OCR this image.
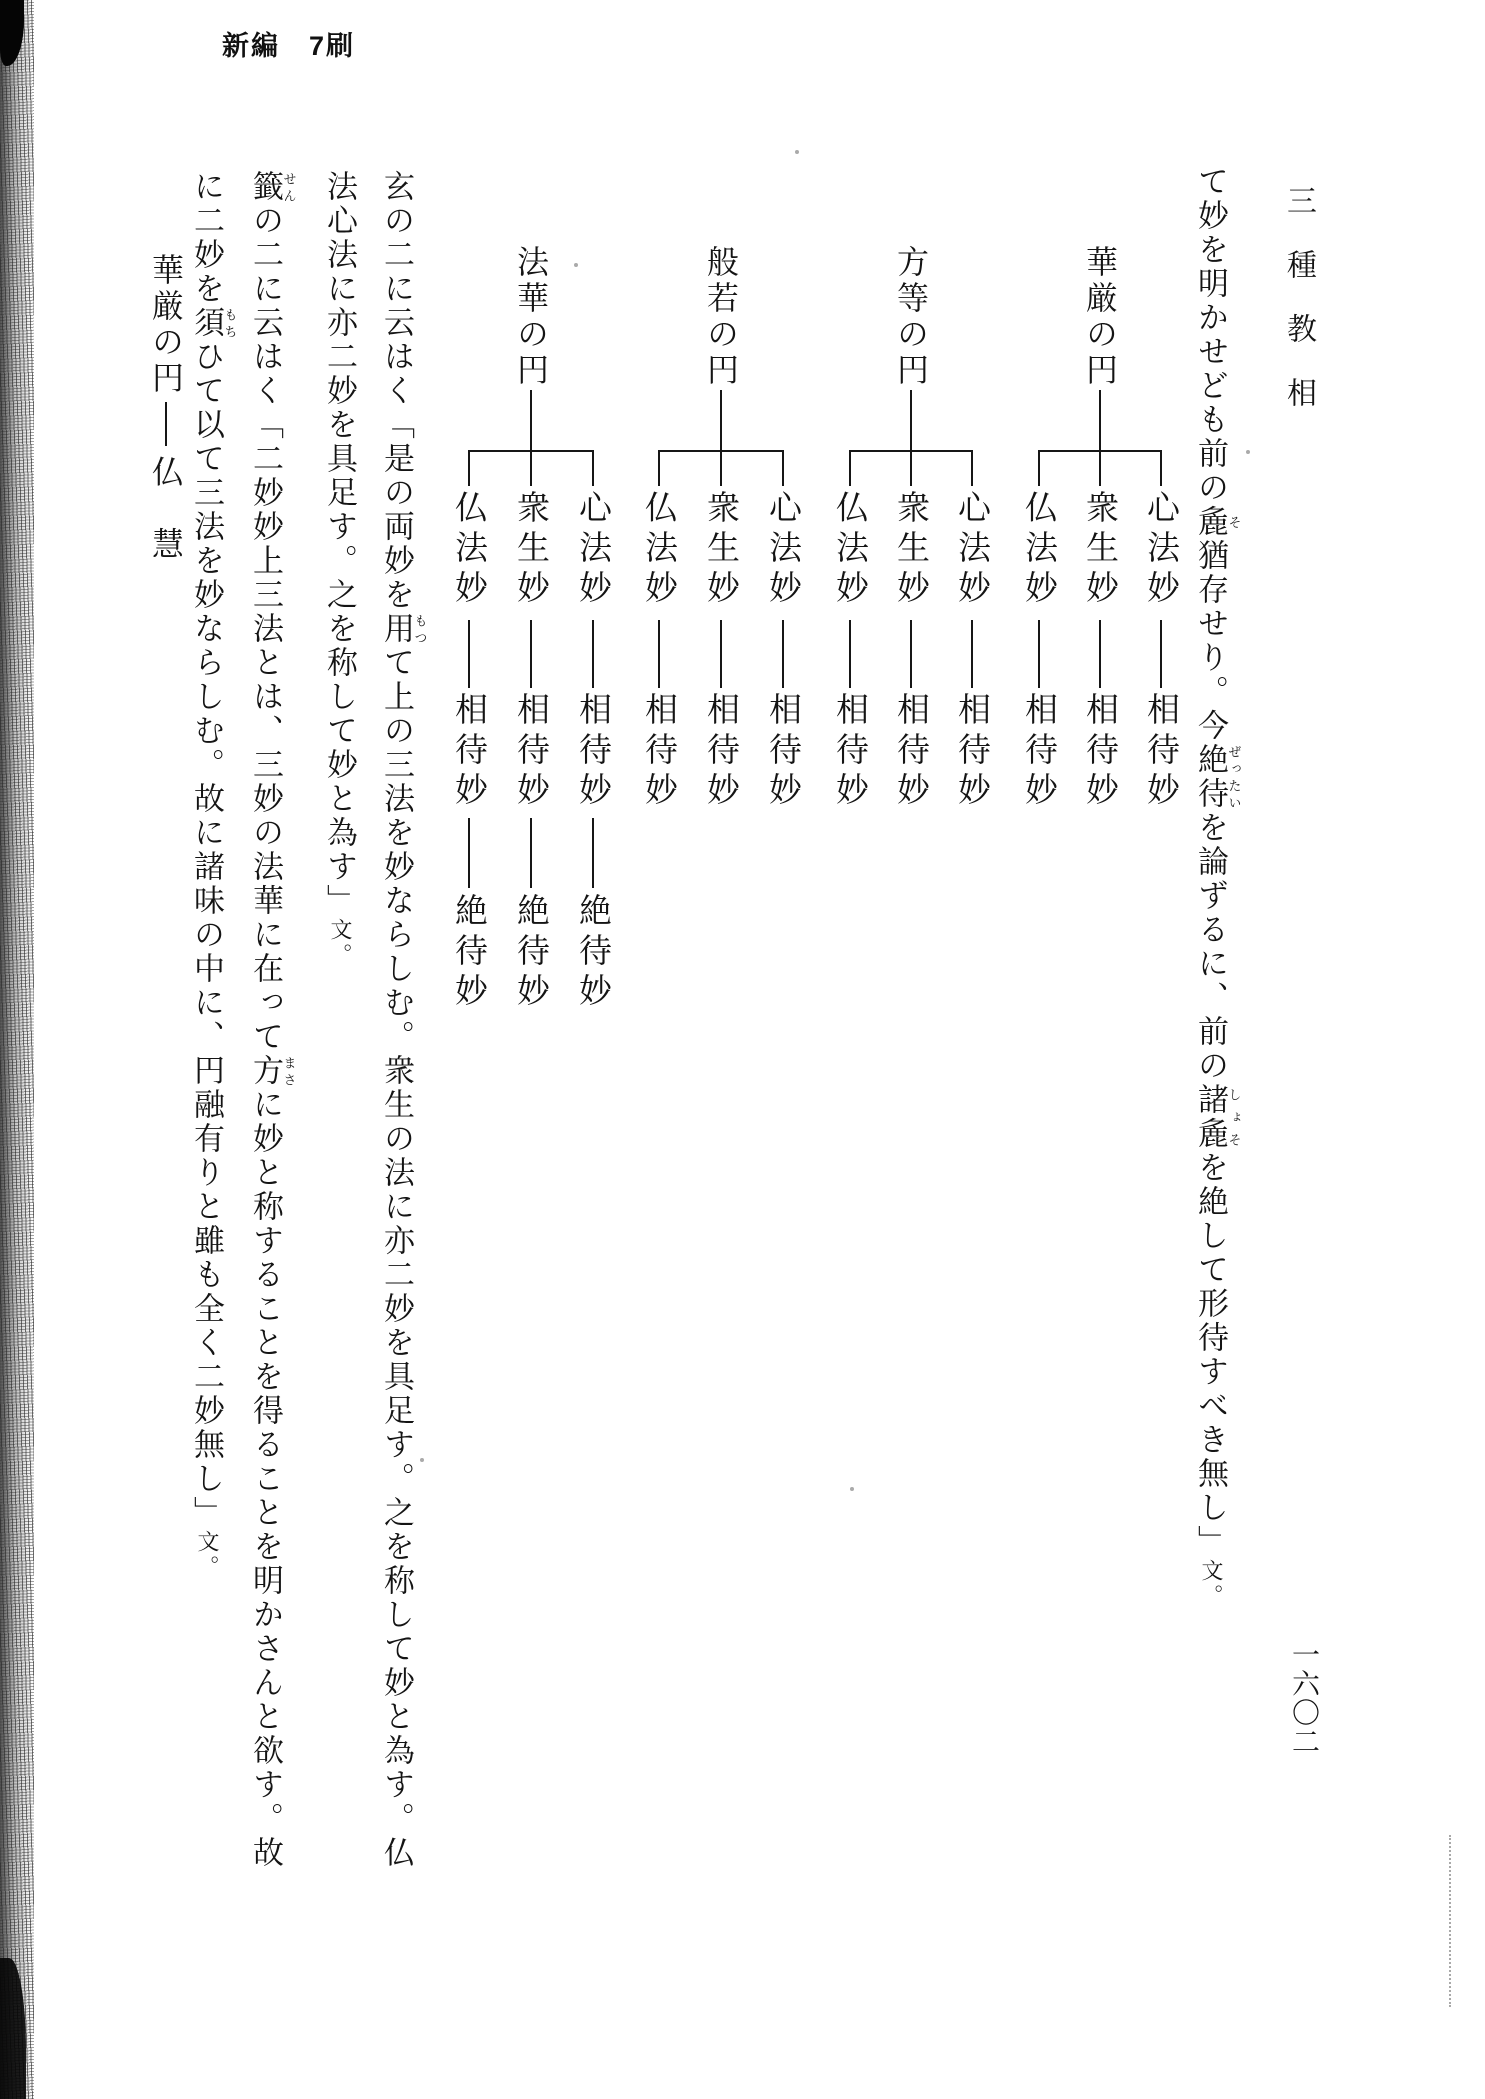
新編　7刷
三種教相
一六〇二
て妙を明かせども前の麁そ猶存せり。今絶待ぜったいを論ずるに、前の諸麁しょそを絶して形待すべき無し」文。
玄の二に云はく「是の両妙を用もつて上の三法を妙ならしむ。衆生の法に亦二妙を具足す。之を称して妙と為す。仏
法心法に亦二妙を具足す。之を称して妙と為す」文。
籤せんの二に云はく「二妙妙上三法とは、三妙の法華に在って方まさに妙と称することを得ることを明かさんと欲す。故
に二妙を須もちひて以て三法を妙ならしむ。故に諸味の中に、円融有りと雖も全く二妙無し」文。
華厳の円
心法妙
相待妙
衆生妙
相待妙
仏法妙
相待妙
方等の円
心法妙
相待妙
衆生妙
相待妙
仏法妙
相待妙
般若の円
心法妙
相待妙
衆生妙
相待妙
仏法妙
相待妙
法華の円
心法妙
相待妙
絶待妙
衆生妙
相待妙
絶待妙
仏法妙
相待妙
絶待妙
華厳の円
仏　慧
